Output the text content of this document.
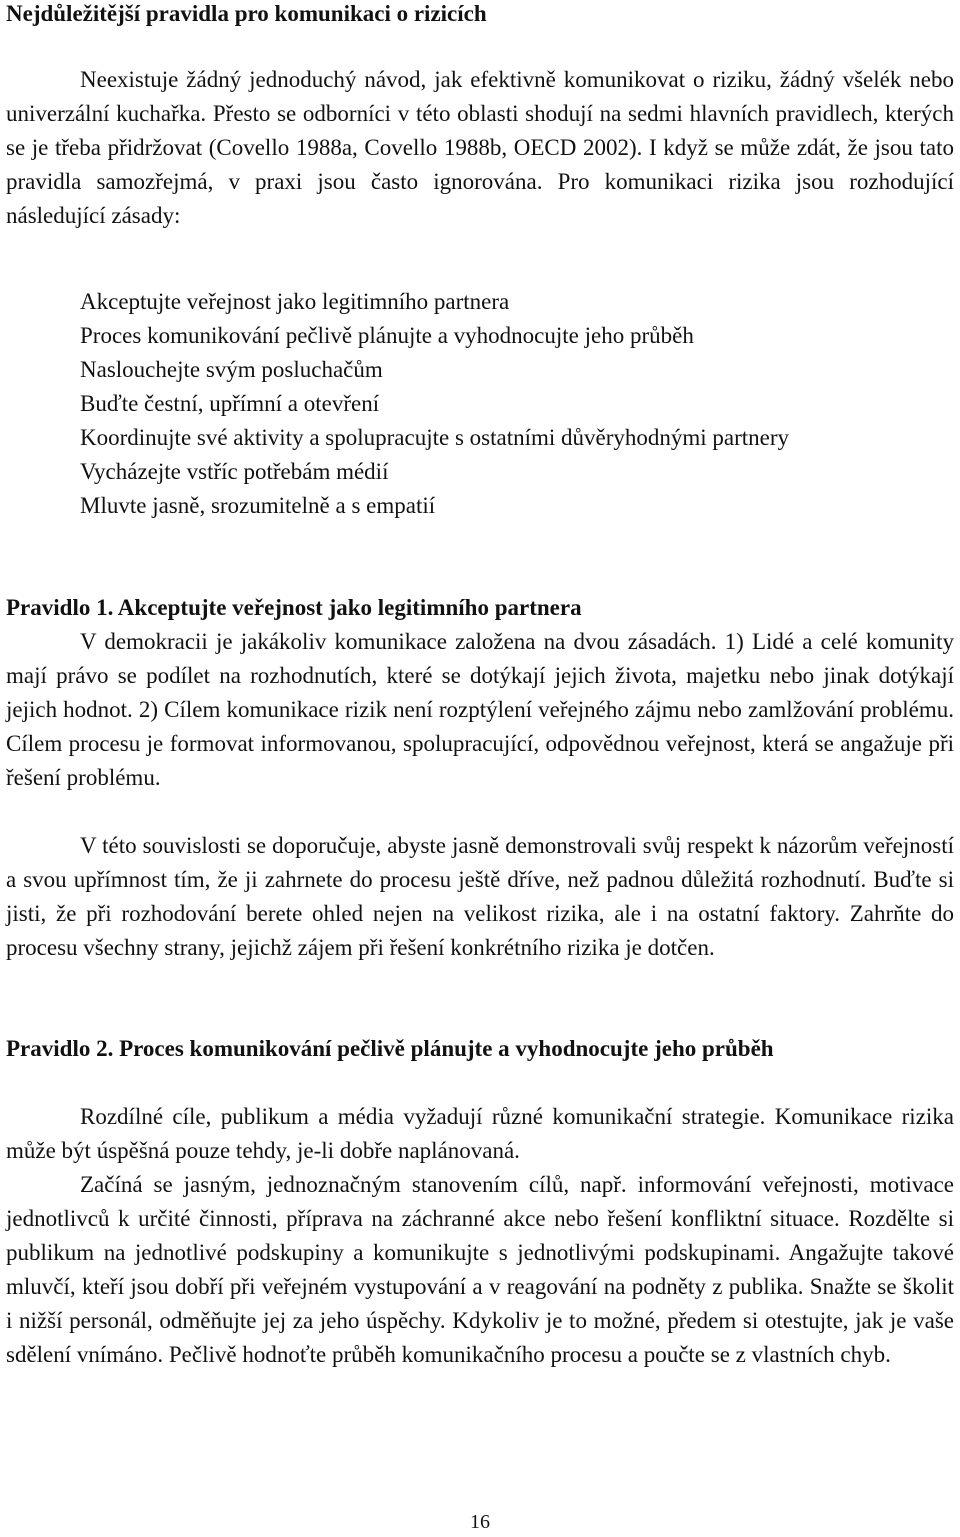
Nejdůležitější pravidla pro komunikaci o rizicích

Neexistuje žádný jednoduchý návod, jak efektivně komunikovat o riziku, žádný všelék nebo univerzální kuchařka. Přesto se odborníci v této oblasti shodují na sedmi hlavních pravidlech, kterých se je třeba přidržovat (Covello 1988a, Covello 1988b, OECD 2002). I když se může zdát, že jsou tato pravidla samozřejmá, v praxi jsou často ignorována. Pro komunikaci rizika jsou rozhodující následující zásady:

Akceptujte veřejnost jako legitimního partnera
Proces komunikování pečlivě plánujte a vyhodnocujte jeho průběh
Naslouchejte svým posluchačům
Buďte čestní, upřímní a otevření
Koordinujte své aktivity a spolupracujte s ostatními důvěryhodnými partnery
Vycházejte vstříc potřebám médií
Mluvte jasně, srozumitelně a s empatií
Pravidlo 1. Akceptujte veřejnost jako legitimního partnera

V demokracii je jakákoliv komunikace založena na dvou zásadách. 1) Lidé a celé komunity mají právo se podílet na rozhodnutích, které se dotýkají jejich života, majetku nebo jinak dotýkají jejich hodnot. 2) Cílem komunikace rizik není rozptýlení veřejného zájmu nebo zamlžování problému. Cílem procesu je formovat informovanou, spolupracující, odpovědnou veřejnost, která se angažuje při řešení problému.

V této souvislosti se doporučuje, abyste jasně demonstrovali svůj respekt k názorům veřejností a svou upřímnost tím, že ji zahrnete do procesu ještě dříve, než padnou důležitá rozhodnutí. Buďte si jisti, že při rozhodování berete ohled nejen na velikost rizika, ale i na ostatní faktory. Zahrňte do procesu všechny strany, jejichž zájem při řešení konkrétního rizika je dotčen.

Pravidlo 2. Proces komunikování pečlivě plánujte a vyhodnocujte jeho průběh

Rozdílné cíle, publikum a média vyžadují různé komunikační strategie. Komunikace rizika může být úspěšná pouze tehdy, je-li dobře naplánovaná.

Začíná se jasným, jednoznačným stanovením cílů, např. informování veřejnosti, motivace jednotlivců k určité činnosti, příprava na záchranné akce nebo řešení konfliktní situace. Rozdělte si publikum na jednotlivé podskupiny a komunikujte s jednotlivými podskupinami. Angažujte takové mluvčí, kteří jsou dobří při veřejném vystupování a v reagování na podněty z publika. Snažte se školit i nižší personál, odměňujte jej za jeho úspěchy. Kdykoliv je to možné, předem si otestujte, jak je vaše sdělení vnímáno. Pečlivě hodnoťte průběh komunikačního procesu a poučte se z vlastních chyb.

16
